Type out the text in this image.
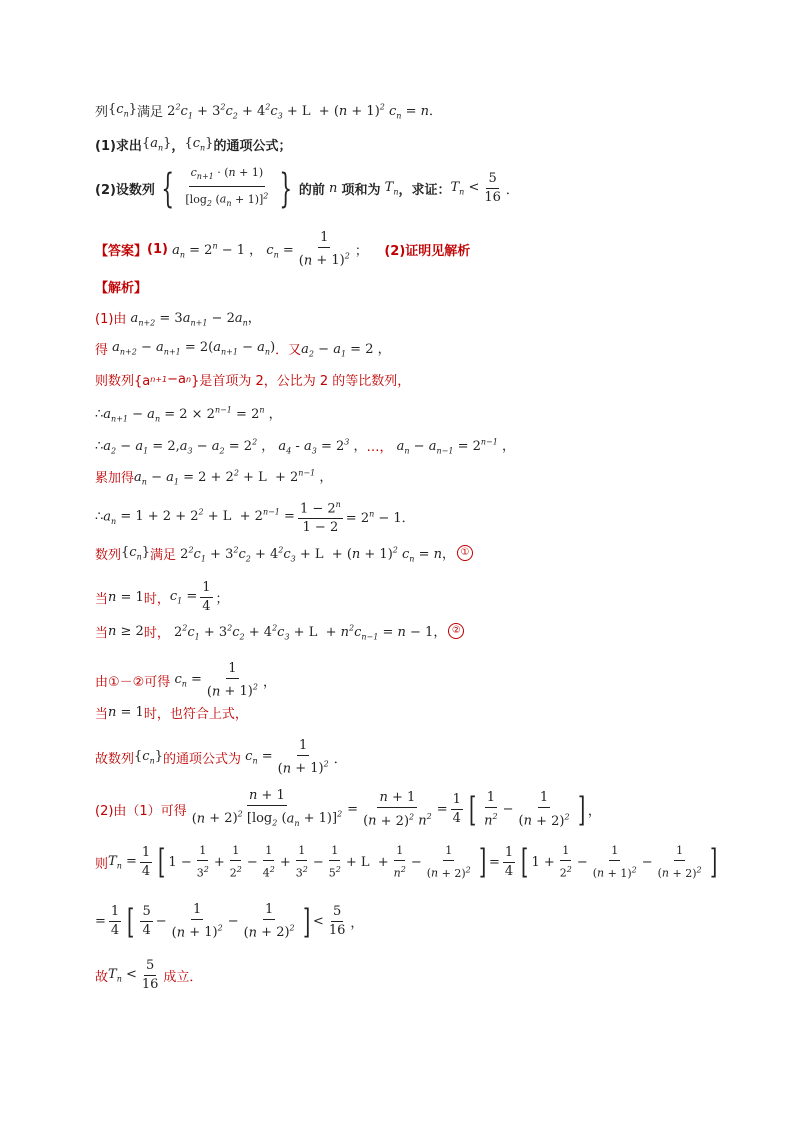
列 $\{c_n\}$ 满足 $2^2c_1 + 3^2c_2 + 4^2c_3 + L + (n + 1)^2$ $c_n = n$．
(1)求出 $\{a_n\}$ ， $\{c_n\}$ 的通项公式；
(2)设数列 { $\frac{c_{n+1} \cdot (n + 1)}{[\log_2 (a_n + 1)]^2}$ } 的前 n 项和为 $T_n$ ，求证： $T_n < \frac{5}{16}$ ．
【答案】 (1) $a_n = 2^n - 1$ ， $c_n = \frac{1}{(n + 1)^2}$ ； (2)证明见解析
【解析】
(1)由 $a_{n+2} = 3a_{n+1} - 2a_n$，
得 $a_{n+2} - a_{n+1} = 2(a_{n+1} - a_n)$ ．又 $a_2 - a_1 = 2$ ，
则数列{a n+1 −a n }是首项为 2，公比为 2 的等比数列，
$\therefore a_{n+1} - a_n = 2 \times 2^{n-1} = 2^n$ ，
$\therefore a_2 - a_1 = 2,a_3 - a_2 = 2^2$ ， $a_4 - a_3 = 2^3$ ， …， $a_n - a_{n-1} = 2^{n-1}$ ，
累加得 $a_n - a_1 = 2 + 2^2 + L + 2^{n-1}$ ，
$\therefore a_n = 1 + 2 + 2^2 + L + 2^{n-1} = \frac{1 - 2^n}{1 - 2} = 2^n - 1$．
数列 $\{c_n\}$ 满足 $2^2c_1 + 3^2c_2 + 4^2c_3 + L + (n + 1)^2$ $c_n = n$， ①
当 n = 1 时， $c_1 = \frac{1}{4}$ ；
当 n ≥ 2 时， $2^2c_1 + 3^2c_2 + 4^2c_3 + L + n^2c_{n-1} = n - 1$， ②
由①－②可得 $c_n = \frac{1}{(n + 1)^2}$ ，
当 n = 1 时，也符合上式，
故数列 $\{c_n\}$ 的通项公式为 $c_n = \frac{1}{(n + 1)^2}$ ．
(2)由（1）可得 $\frac{n + 1}{(n + 2)^2 [\log_2 (a_n + 1)]^2} = \frac{n + 1}{(n + 2)^2 n^2} = \frac{1}{4}$ [ $\frac{1}{n^2} - \frac{1}{(n + 2)^2}$ ] ，
则 $T_n = \frac{1}{4}$ [ $1 - \frac{1}{3^2} + \frac{1}{2^2} - \frac{1}{4^2} + \frac{1}{3^2} - \frac{1}{5^2} + L + \frac{1}{n^2} - \frac{1}{(n + 2)^2}$ ] = $\frac{1}{4}$ [ $1 + \frac{1}{2^2} - \frac{1}{(n + 1)^2} - \frac{1}{(n + 2)^2}$ ]
= $\frac{1}{4}$ [ $\frac{5}{4} - \frac{1}{(n + 1)^2} - \frac{1}{(n + 2)^2}$ ] < $\frac{5}{16}$ ，
故 $T_n < \frac{5}{16}$ 成立．
